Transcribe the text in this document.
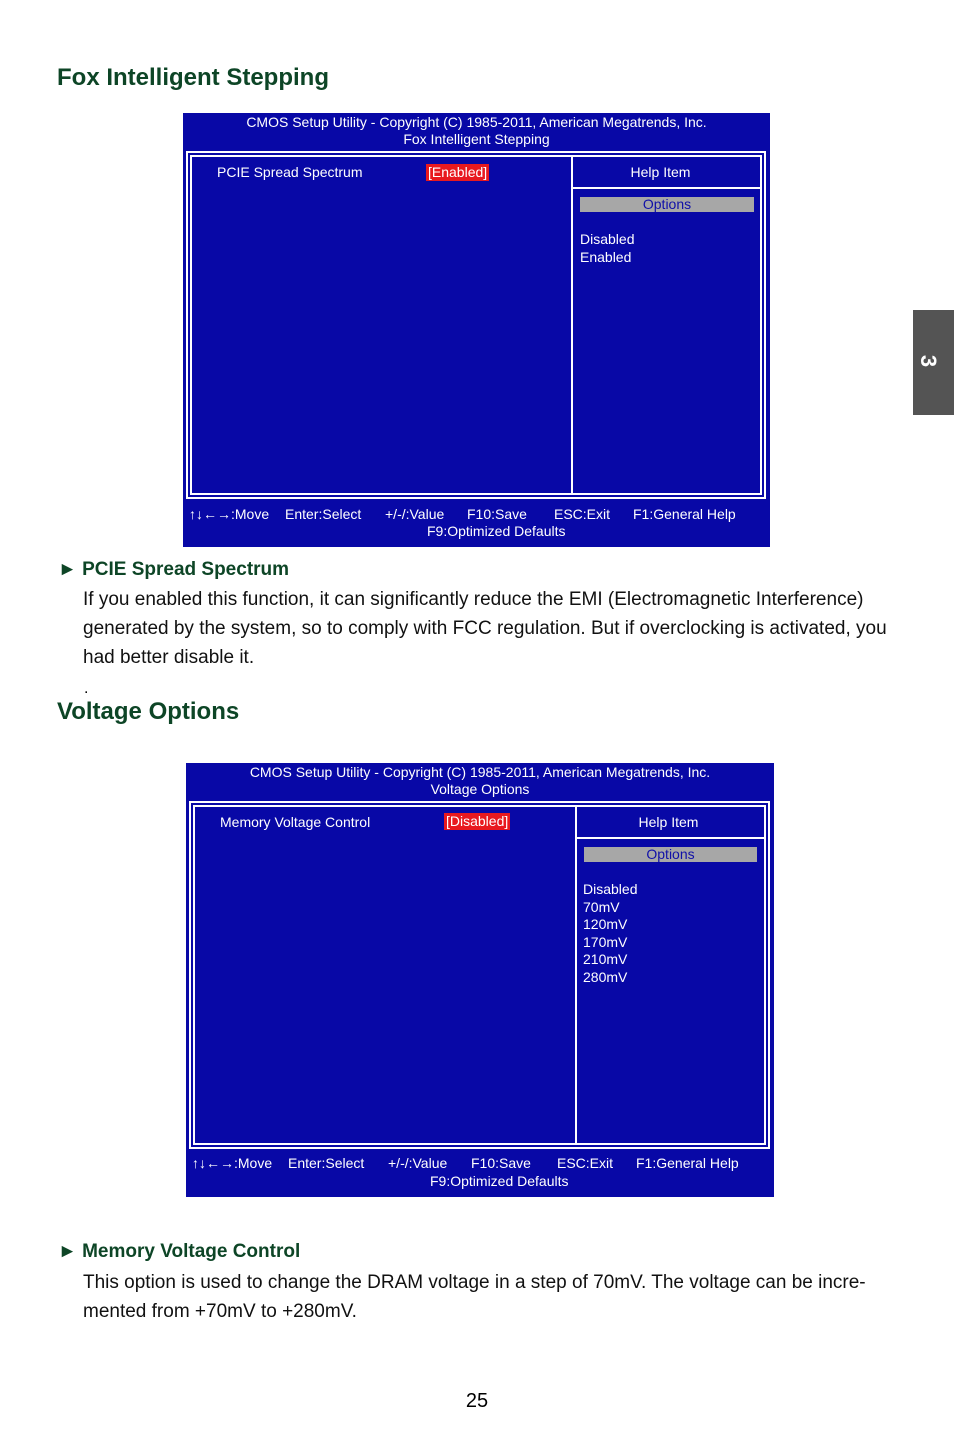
Fox Intelligent Stepping
CMOS Setup Utility - Copyright (C) 1985-2011, American Megatrends, Inc.
Fox Intelligent Stepping
PCIE Spread Spectrum	[Enabled]	Help Item
Options
Disabled
Enabled
↑↓←→:Move Enter:Select +/-/:Value F10:Save ESC:Exit F1:General Help
F9:Optimized Defaults
► PCIE Spread Spectrum
If you enabled this function, it can significantly reduce the EMI (Electromagnetic Interference) generated by the system, so to comply with FCC regulation. But if overclocking is activated, you had better disable it.
.
Voltage Options
CMOS Setup Utility - Copyright (C) 1985-2011, American Megatrends, Inc.
Voltage Options
Memory Voltage Control	[Disabled]	Help Item
Options
Disabled
70mV
120mV
170mV
210mV
280mV
↑↓←→:Move Enter:Select +/-/:Value F10:Save ESC:Exit F1:General Help
F9:Optimized Defaults
► Memory Voltage Control
This option is used to change the DRAM voltage in a step of 70mV. The voltage can be incre-mented from +70mV to +280mV.
3
25
